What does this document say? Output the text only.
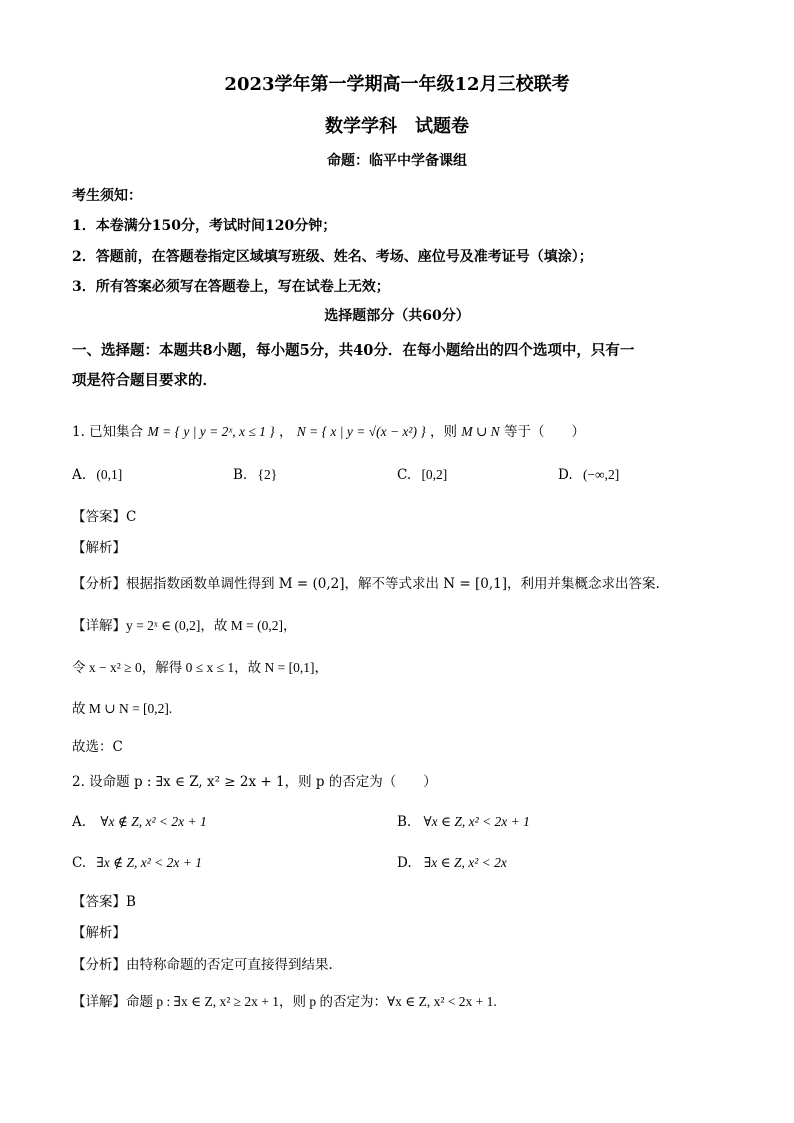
2023学年第一学期高一年级12月三校联考
数学学科　试题卷
命题：临平中学备课组
考生须知：
1．本卷满分150分，考试时间120分钟；
2．答题前，在答题卷指定区域填写班级、姓名、考场、座位号及准考证号（填涂）；
3．所有答案必须写在答题卷上，写在试卷上无效；
选择题部分（共60分）
一、选择题：本题共8小题，每小题5分，共40分．在每小题给出的四个选项中，只有一
项是符合题目要求的．
1. 已知集合 M = { y | y = 2ˣ, x ≤ 1 } ， N = { x | y = √(x − x²) } ，则 M ∪ N 等于（　　）
A. (0,1]	B. {2}	C. [0,2]	D. (−∞,2]
【答案】C
【解析】
【分析】根据指数函数单调性得到 M = (0,2]，解不等式求出 N = [0,1]，利用并集概念求出答案.
【详解】y = 2ˣ ∈ (0,2]，故 M = (0,2]，
令 x − x² ≥ 0，解得 0 ≤ x ≤ 1，故 N = [0,1]，
故 M ∪ N = [0,2].
故选：C
2. 设命题 p : ∃x ∈ Z, x² ≥ 2x + 1，则 p 的否定为（　　）
A. ∀x ∉ Z, x² < 2x + 1	B. ∀x ∈ Z, x² < 2x + 1
C. ∃x ∉ Z, x² < 2x + 1	D. ∃x ∈ Z, x² < 2x
【答案】B
【解析】
【分析】由特称命题的否定可直接得到结果.
【详解】命题 p : ∃x ∈ Z, x² ≥ 2x + 1，则 p 的否定为：∀x ∈ Z, x² < 2x + 1.
